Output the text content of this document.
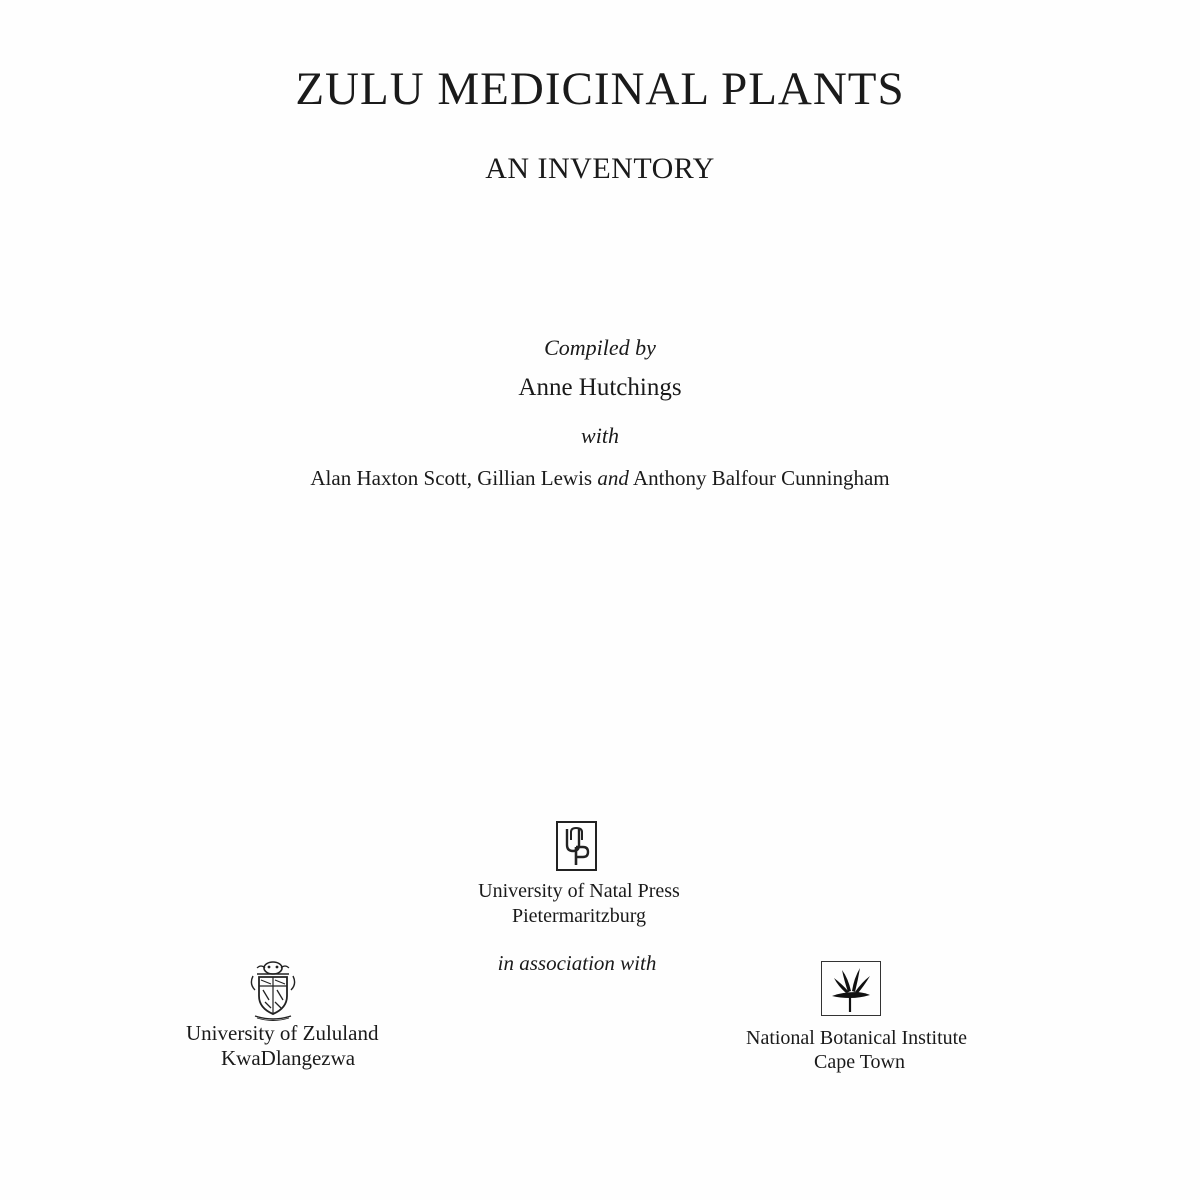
ZULU MEDICINAL PLANTS
AN INVENTORY
Compiled by
Anne Hutchings
with
Alan Haxton Scott, Gillian Lewis and Anthony Balfour Cunningham
University of Natal Press
Pietermaritzburg
in association with
University of Zululand
KwaDlangezwa
National Botanical Institute
Cape Town
